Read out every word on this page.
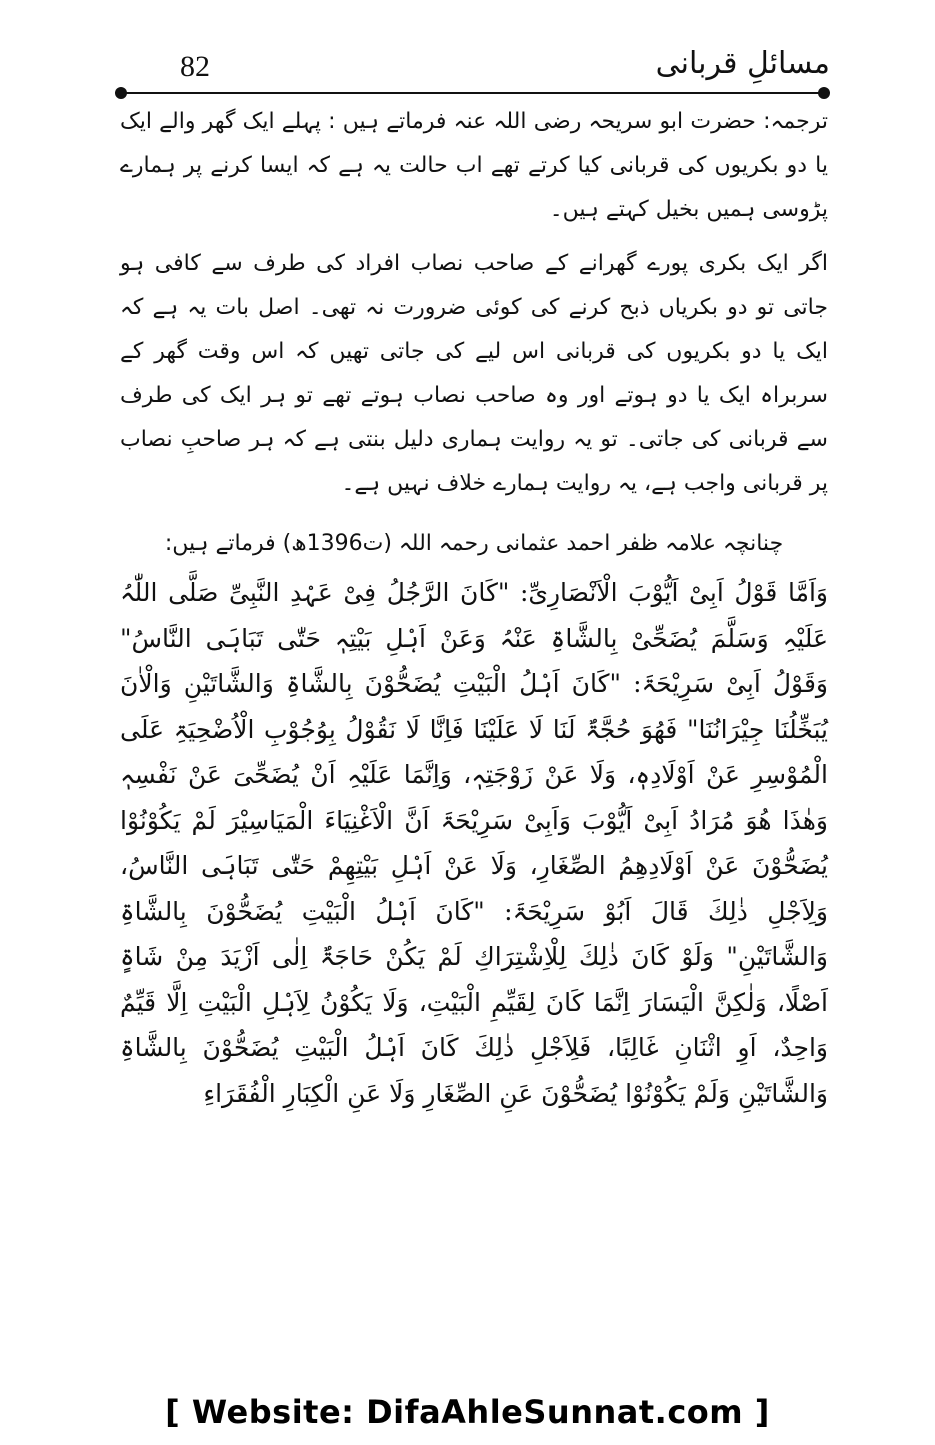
مسائلِ قربانی
82

ترجمہ: حضرت ابو سریحہ رضی اللہ عنہ فرماتے ہیں : پہلے ایک گھر والے ایک یا دو بکریوں کی قربانی کیا کرتے تھے اب حالت یہ ہے کہ ایسا کرنے پر ہمارے پڑوسی ہمیں بخیل کہتے ہیں۔

اگر ایک بکری پورے گھرانے کے صاحب نصاب افراد کی طرف سے کافی ہو جاتی تو دو بکریاں ذبح کرنے کی کوئی ضرورت نہ تھی۔ اصل بات یہ ہے کہ ایک یا دو بکریوں کی قربانی اس لیے کی جاتی تھیں کہ اس وقت گھر کے سربراہ ایک یا دو ہوتے اور وہ صاحب نصاب ہوتے تھے تو ہر ایک کی طرف سے قربانی کی جاتی۔ تو یہ روایت ہماری دلیل بنتی ہے کہ ہر صاحبِ نصاب پر قربانی واجب ہے، یہ روایت ہمارے خلاف نہیں ہے۔

چنانچہ علامہ ظفر احمد عثمانی رحمہ اللہ (ت1396ھ) فرماتے ہیں:

وَاَمَّا قَوْلُ اَبِیْ اَیُّوْبَ الْاَنْصَارِیِّ: "کَانَ الرَّجُلُ فِیْ عَہْدِ النَّبِیِّ صَلَّی اللّٰہُ عَلَیْہِ وَسَلَّمَ یُضَحِّیْ بِالشَّاۃِ عَنْہُ وَعَنْ اَہْلِ بَیْتِہٖ حَتّٰی تَبَاہَی النَّاسُ" وَقَوْلُ اَبِیْ سَرِیْحَۃَ: "کَانَ اَہْلُ الْبَیْتِ یُضَحُّوْنَ بِالشَّاۃِ وَالشَّاتَیْنِ وَالْاٰنَ یُبَخِّلُنَا جِیْرَانُنَا" فَھُوَ حُجَّۃٌ لَنَا لَا عَلَیْنَا فَاِنَّا لَا نَقُوْلُ بِوُجُوْبِ الْاُضْحِیَۃِ عَلَی الْمُوْسِرِ عَنْ اَوْلَادِہٖ، وَلَا عَنْ زَوْجَتِہٖ، وَاِنَّمَا عَلَیْہِ اَنْ یُضَحِّیَ عَنْ نَفْسِہٖ وَھٰذَا ھُوَ مُرَادُ اَبِیْ اَیُّوْبَ وَاَبِیْ سَرِیْحَۃَ اَنَّ الْاَغْنِیَاءَ الْمَیَاسِیْرَ لَمْ یَکُوْنُوْا یُضَحُّوْنَ عَنْ اَوْلَادِھِمُ الصِّغَارِ، وَلَا عَنْ اَہْلِ بَیْتِھِمْ حَتّٰی تَبَاہَی النَّاسُ، وَلِاَجْلِ ذٰلِكَ قَالَ اَبُوْ سَرِیْحَۃَ: "کَانَ اَہْلُ الْبَیْتِ یُضَحُّوْنَ بِالشَّاۃِ وَالشَّاتَیْنِ" وَلَوْ کَانَ ذٰلِكَ لِلْاِشْتِرَاكِ لَمْ یَکُنْ حَاجَۃٌ اِلٰی اَزْیَدَ مِنْ شَاۃٍ اَصْلًا، وَلٰکِنَّ الْیَسَارَ اِنَّمَا کَانَ لِقَیِّمِ الْبَیْتِ، وَلَا یَکُوْنُ لِاَہْلِ الْبَیْتِ اِلَّا قَیِّمٌ وَاحِدٌ، اَوِ اثْنَانِ غَالِبًا، فَلِاَجْلِ ذٰلِكَ کَانَ اَہْلُ الْبَیْتِ یُضَحُّوْنَ بِالشَّاۃِ وَالشَّاتَیْنِ وَلَمْ یَکُوْنُوْا یُضَحُّوْنَ عَنِ الصِّغَارِ وَلَا عَنِ الْکِبَارِ الْفُقَرَاءِ

[ Website: DifaAhleSunnat.com ]
